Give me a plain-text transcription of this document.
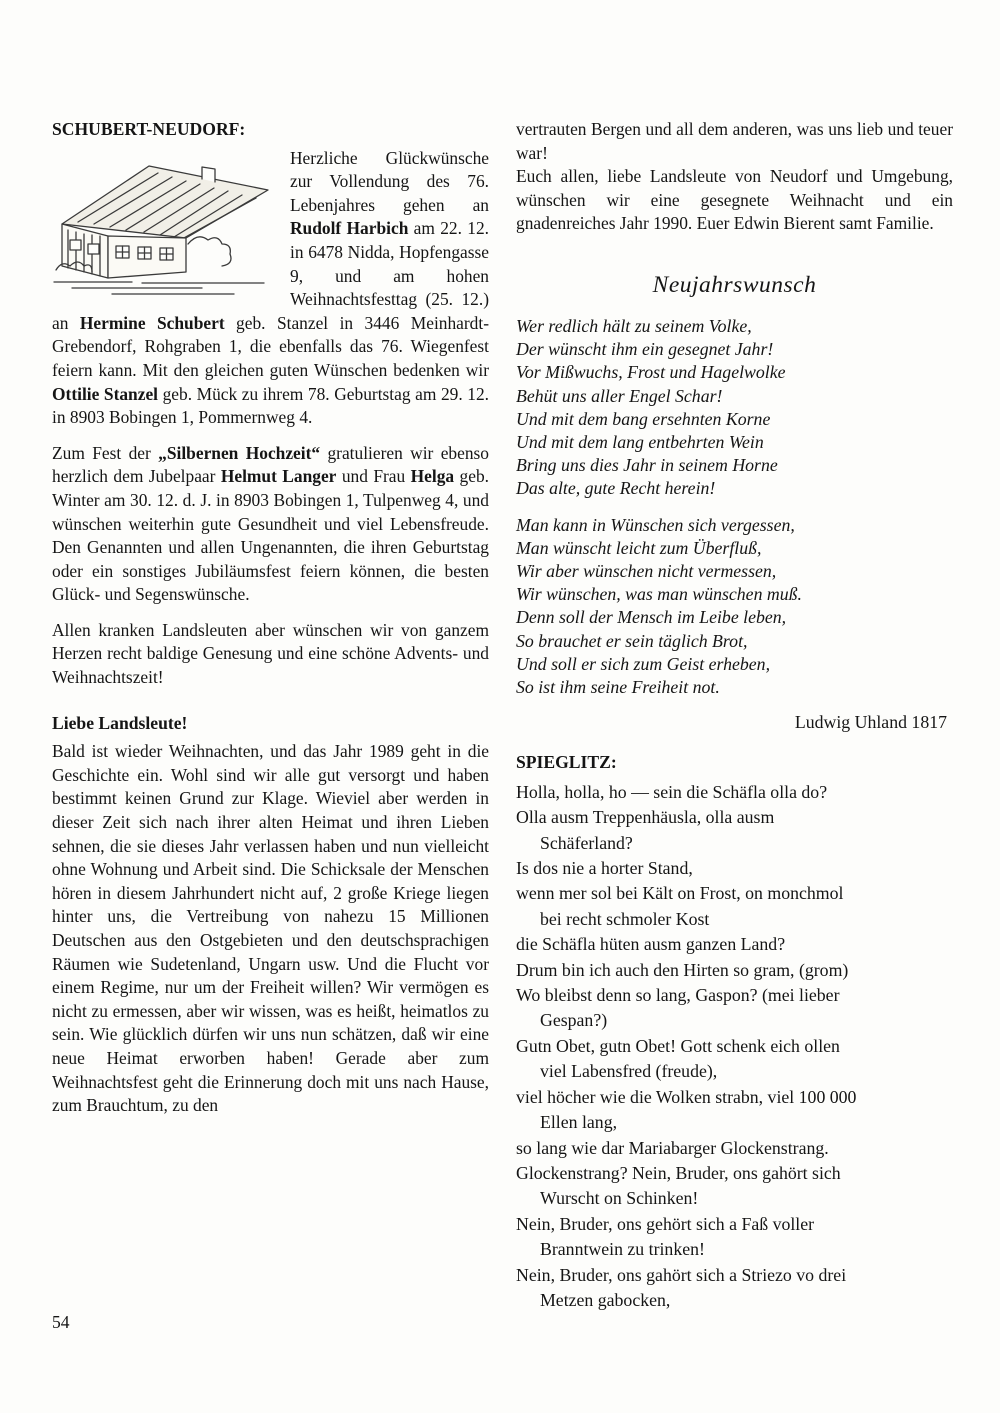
SCHUBERT-NEUDORF:

Herzliche Glückwünsche zur Vollendung des 76. Lebenjahres gehen an Rudolf Harbich am 22. 12. in 6478 Nidda, Hopfengasse 9, und am hohen Weihnachtsfesttag (25. 12.) an Hermine Schubert geb. Stanzel in 3446 Meinhardt-Grebendorf, Rohgraben 1, die ebenfalls das 76. Wiegenfest feiern kann. Mit den gleichen guten Wünschen bedenken wir Ottilie Stanzel geb. Mück zu ihrem 78. Geburtstag am 29. 12. in 8903 Bobingen 1, Pommernweg 4.

Zum Fest der „Silbernen Hochzeit“ gratulieren wir ebenso herzlich dem Jubelpaar Helmut Langer und Frau Helga geb. Winter am 30. 12. d. J. in 8903 Bobingen 1, Tulpenweg 4, und wünschen weiterhin gute Gesundheit und viel Lebensfreude. Den Genannten und allen Ungenannten, die ihren Geburtstag oder ein sonstiges Jubiläumsfest feiern können, die besten Glück- und Segenswünsche.

Allen kranken Landsleuten aber wünschen wir von ganzem Herzen recht baldige Genesung und eine schöne Advents- und Weihnachtszeit!

Liebe Landsleute!

Bald ist wieder Weihnachten, und das Jahr 1989 geht in die Geschichte ein. Wohl sind wir alle gut versorgt und haben bestimmt keinen Grund zur Klage. Wieviel aber werden in dieser Zeit sich nach ihrer alten Heimat und ihren Lieben sehnen, die sie dieses Jahr verlassen haben und nun vielleicht ohne Wohnung und Arbeit sind. Die Schicksale der Menschen hören in diesem Jahrhundert nicht auf, 2 große Kriege liegen hinter uns, die Vertreibung von nahezu 15 Millionen Deutschen aus den Ostgebieten und den deutschsprachigen Räumen wie Sudetenland, Ungarn usw. Und die Flucht vor einem Regime, nur um der Freiheit willen? Wir vermögen es nicht zu ermessen, aber wir wissen, was es heißt, heimatlos zu sein. Wie glücklich dürfen wir uns nun schätzen, daß wir eine neue Heimat erworben haben! Gerade aber zum Weihnachtsfest geht die Erinnerung doch mit uns nach Hause, zum Brauchtum, zu den

vertrauten Bergen und all dem anderen, was uns lieb und teuer war!

Euch allen, liebe Landsleute von Neudorf und Umgebung, wünschen wir eine gesegnete Weihnacht und ein gnadenreiches Jahr 1990. Euer Edwin Bierent samt Familie.

Neujahrswunsch
Wer redlich hält zu seinem Volke,
Der wünscht ihm ein gesegnet Jahr!
Vor Mißwuchs, Frost und Hagelwolke
Behüt uns aller Engel Schar!
Und mit dem bang ersehnten Korne
Und mit dem lang entbehrten Wein
Bring uns dies Jahr in seinem Horne
Das alte, gute Recht herein!
Man kann in Wünschen sich vergessen,
Man wünscht leicht zum Überfluß,
Wir aber wünschen nicht vermessen,
Wir wünschen, was man wünschen muß.
Denn soll der Mensch im Leibe leben,
So brauchet er sein täglich Brot,
Und soll er sich zum Geist erheben,
So ist ihm seine Freiheit not.
Ludwig Uhland 1817
SPIEGLITZ:
Holla, holla, ho — sein die Schäfla olla do?
Olla ausm Treppenhäusla, olla ausm
Schäferland?
Is dos nie a horter Stand,
wenn mer sol bei Kält on Frost, on monchmol
bei recht schmoler Kost
die Schäfla hüten ausm ganzen Land?
Drum bin ich auch den Hirten so gram, (grom)
Wo bleibst denn so lang, Gaspon? (mei lieber
Gespan?)
Gutn Obet, gutn Obet! Gott schenk eich ollen
viel Labensfred (freude),
viel höcher wie die Wolken strabn, viel 100 000
Ellen lang,
so lang wie dar Mariabarger Glockenstrang.
Glockenstrang? Nein, Bruder, ons gahört sich
Wurscht on Schinken!
Nein, Bruder, ons gehört sich a Faß voller
Branntwein zu trinken!
Nein, Bruder, ons gahört sich a Striezo vo drei
Metzen gabocken,
54
